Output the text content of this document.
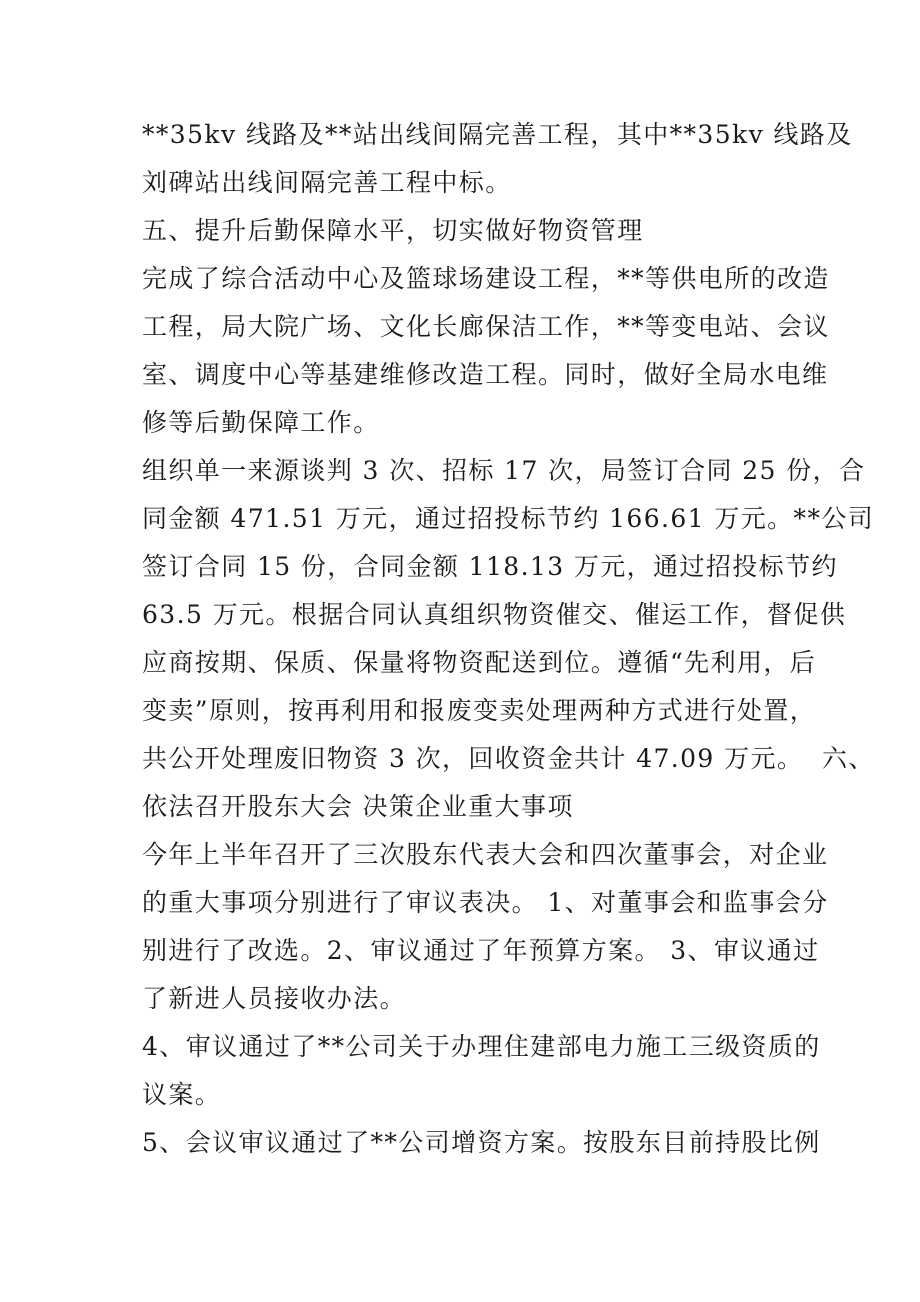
**35kv 线路及**站出线间隔完善工程，其中**35kv 线路及
刘碑站出线间隔完善工程中标。
五、提升后勤保障水平，切实做好物资管理
完成了综合活动中心及篮球场建设工程，**等供电所的改造
工程，局大院广场、文化长廊保洁工作，**等变电站、会议
室、调度中心等基建维修改造工程。同时，做好全局水电维
修等后勤保障工作。
组织单一来源谈判 3 次、招标 17 次，局签订合同 25 份，合
同金额 471.51 万元，通过招投标节约 166.61 万元。**公司
签订合同 15 份，合同金额 118.13 万元，通过招投标节约
63.5 万元。根据合同认真组织物资催交、催运工作，督促供
应商按期、保质、保量将物资配送到位。遵循“先利用，后
变卖”原则，按再利用和报废变卖处理两种方式进行处置，
共公开处理废旧物资 3 次，回收资金共计 47.09 万元。  六、
依法召开股东大会 决策企业重大事项
今年上半年召开了三次股东代表大会和四次董事会，对企业
的重大事项分别进行了审议表决。 1、对董事会和监事会分
别进行了改选。2、审议通过了年预算方案。 3、审议通过
了新进人员接收办法。
4、审议通过了**公司关于办理住建部电力施工三级资质的
议案。
5、会议审议通过了**公司增资方案。按股东目前持股比例
